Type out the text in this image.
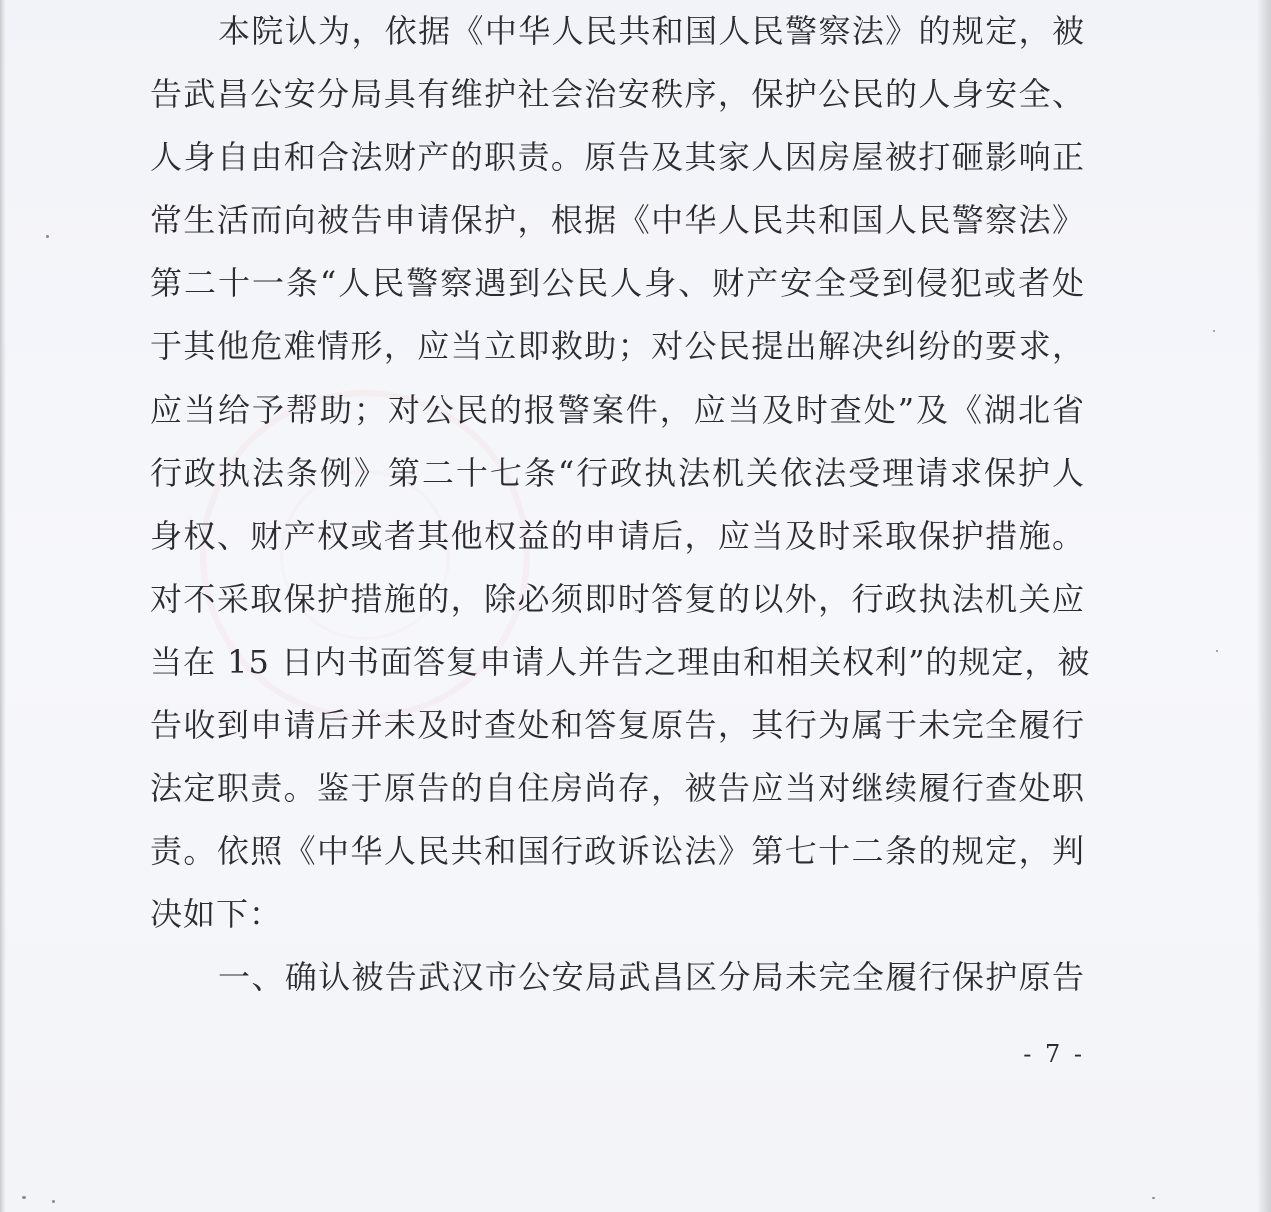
本院认为，依据《中华人民共和国人民警察法》的规定，被
告武昌公安分局具有维护社会治安秩序，保护公民的人身安全、
人身自由和合法财产的职责。原告及其家人因房屋被打砸影响正
常生活而向被告申请保护，根据《中华人民共和国人民警察法》
第二十一条“人民警察遇到公民人身、财产安全受到侵犯或者处
于其他危难情形，应当立即救助；对公民提出解决纠纷的要求，
应当给予帮助；对公民的报警案件，应当及时查处”及《湖北省
行政执法条例》第二十七条“行政执法机关依法受理请求保护人
身权、财产权或者其他权益的申请后，应当及时采取保护措施。
对不采取保护措施的，除必须即时答复的以外，行政执法机关应
当在 15 日内书面答复申请人并告之理由和相关权利”的规定，被
告收到申请后并未及时查处和答复原告，其行为属于未完全履行
法定职责。鉴于原告的自住房尚存，被告应当对继续履行查处职
责。依照《中华人民共和国行政诉讼法》第七十二条的规定，判
决如下：
一、确认被告武汉市公安局武昌区分局未完全履行保护原告
- 7 -
